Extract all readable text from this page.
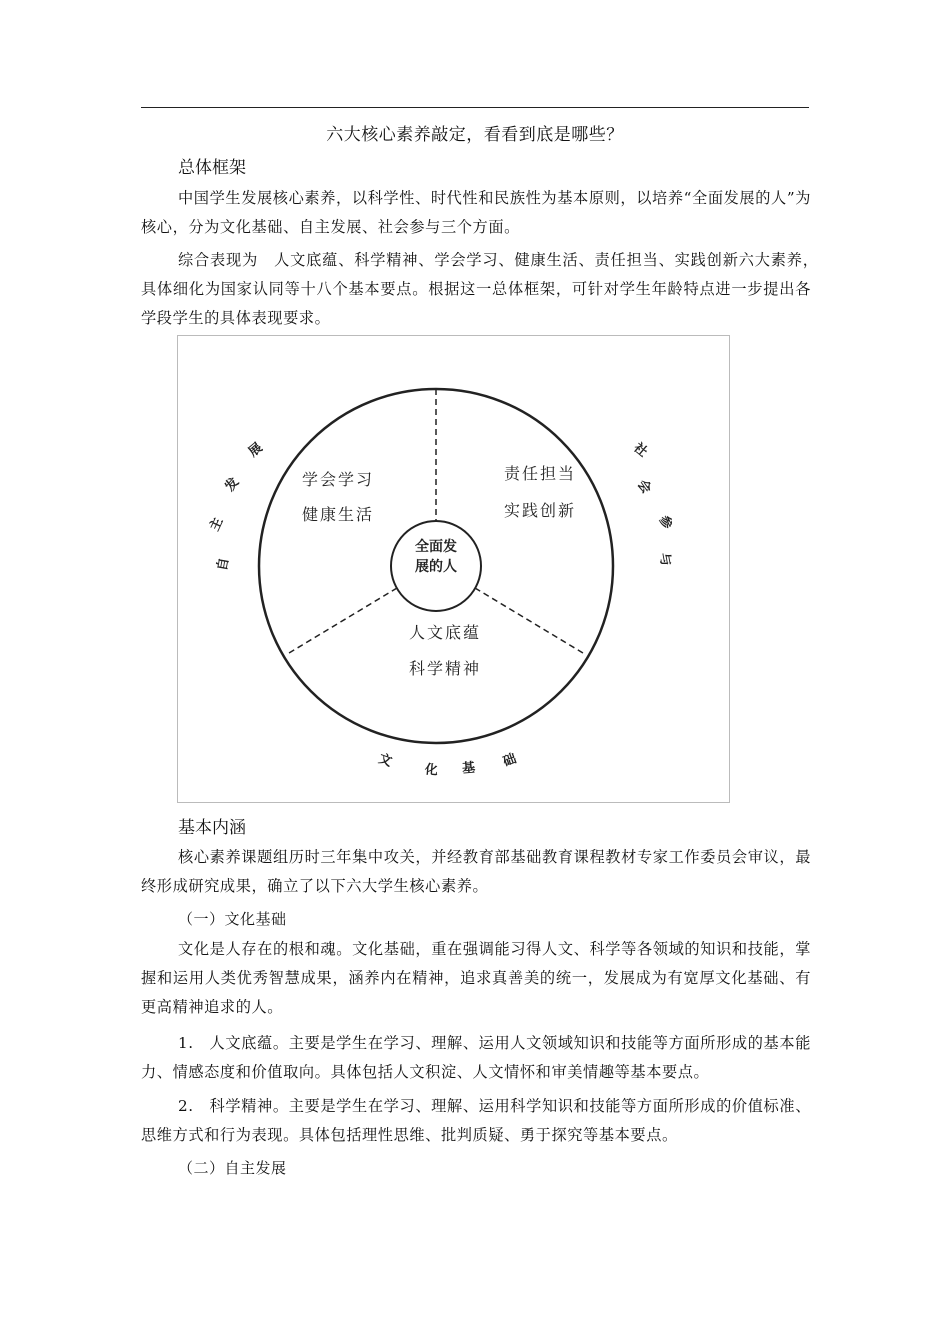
六大核心素养敲定，看看到底是哪些？
总体框架
中国学生发展核心素养，以科学性、时代性和民族性为基本原则，以培养“全面发展的人”为核心，分为文化基础、自主发展、社会参与三个方面。
综合表现为　人文底蕴、科学精神、学会学习、健康生活、责任担当、实践创新六大素养，　具体细化为国家认同等十八个基本要点。根据这一总体框架，可针对学生年龄特点进一步提出各学段学生的具体表现要求。
全面发
展的人
学会学习
健康生活
责任担当
实践创新
人文底蕴
科学精神
自
主
发
展	社
会
参
与
文
化 基 础
基本内涵
核心素养课题组历时三年集中攻关，并经教育部基础教育课程教材专家工作委员会审议，最终形成研究成果，确立了以下六大学生核心素养。
（一）文化基础
文化是人存在的根和魂。文化基础，重在强调能习得人文、科学等各领域的知识和技能，掌握和运用人类优秀智慧成果，涵养内在精神，追求真善美的统一，发展成为有宽厚文化基础、有更高精神追求的人。
1.　人文底蕴。主要是学生在学习、理解、运用人文领域知识和技能等方面所形成的基本能力、情感态度和价值取向。具体包括人文积淀、人文情怀和审美情趣等基本要点。
2.　科学精神。主要是学生在学习、理解、运用科学知识和技能等方面所形成的价值标准、思维方式和行为表现。具体包括理性思维、批判质疑、勇于探究等基本要点。
（二）自主发展
